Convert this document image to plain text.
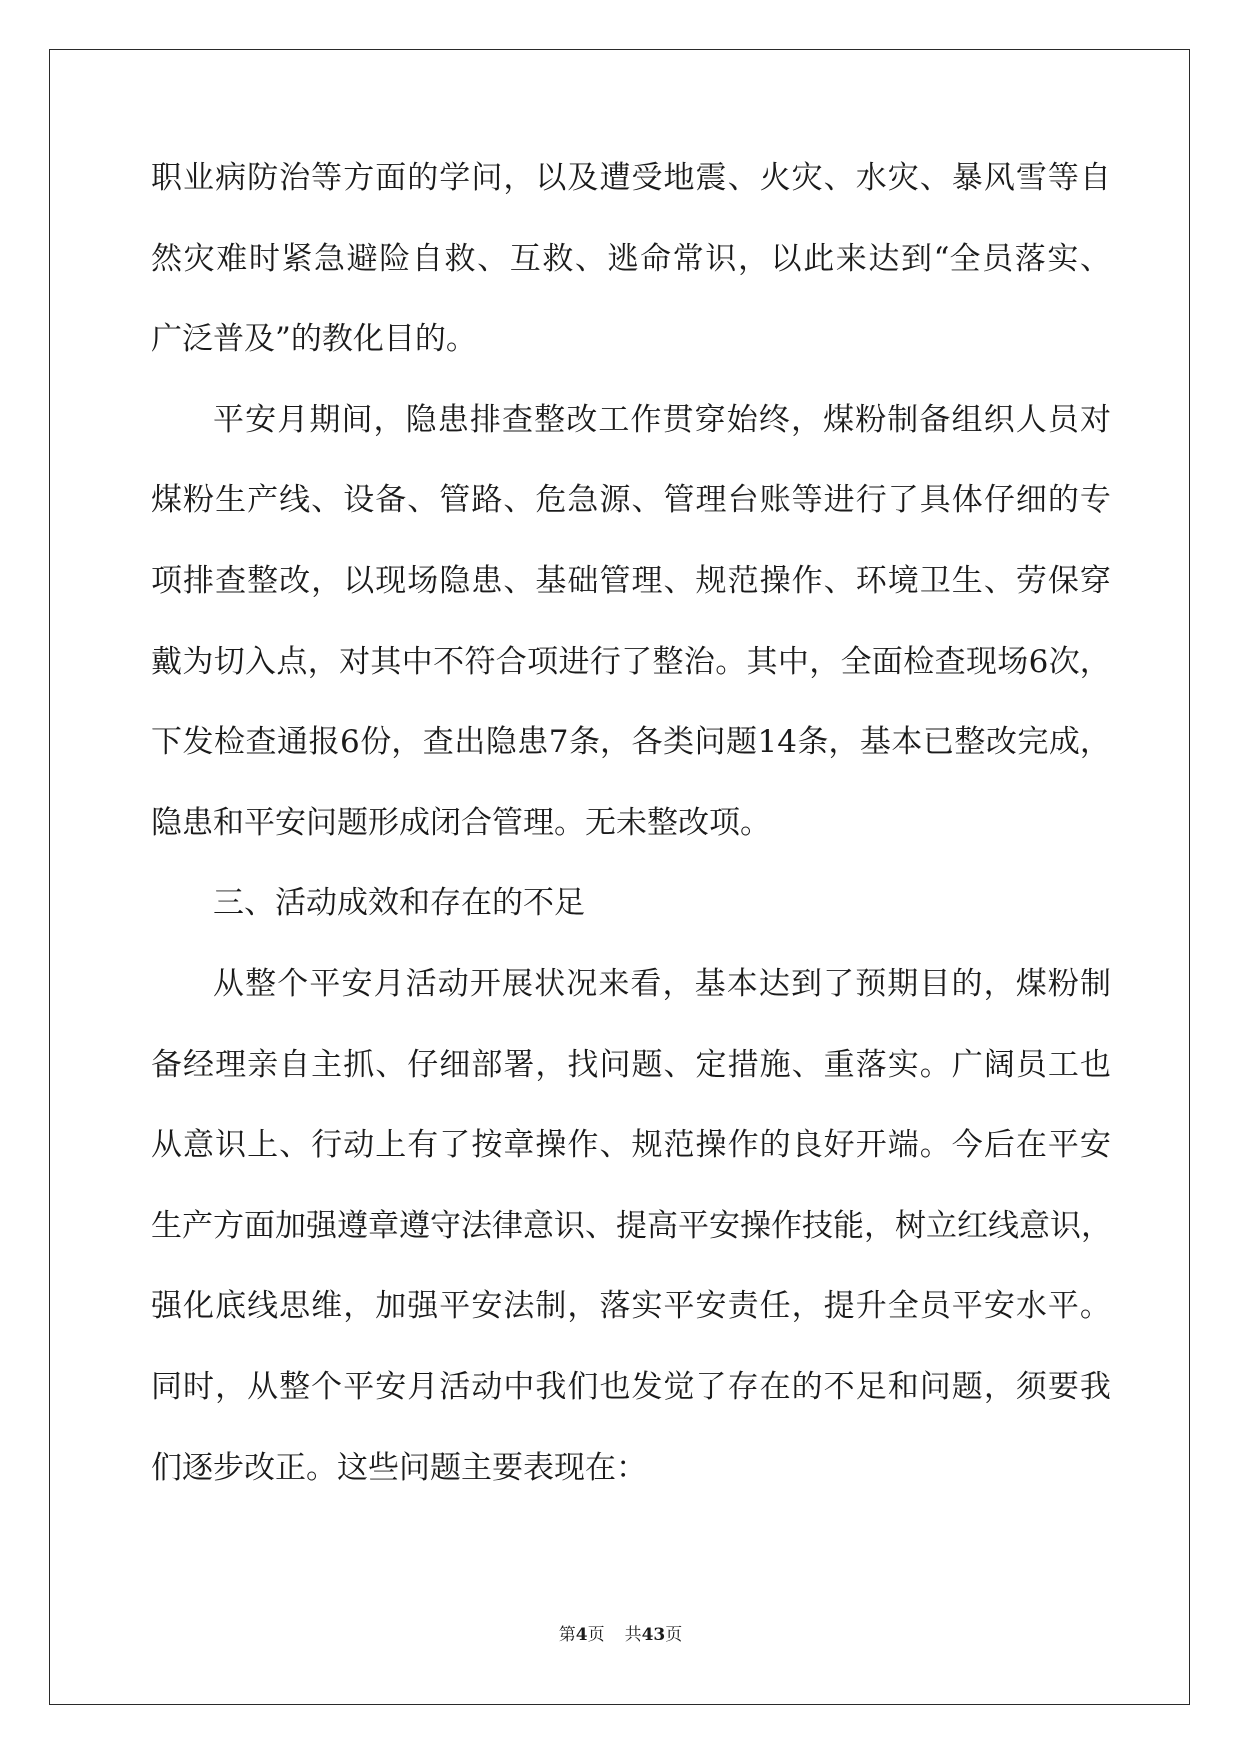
职 业 病 防 治 等 方 面 的 学 问 ， 以 及 遭 受 地 震 、 火 灾 、 水 灾 、 暴 风 雪 等 自
然 灾 难 时 紧 急 避 险 自 救 、 互 救 、 逃 命 常 识 ， 以 此 来 达 到 “全 员 落 实 、
广泛普及”的教化目的。
平 安 月 期 间 ， 隐 患 排 查 整 改 工 作 贯 穿 始 终 ， 煤 粉 制 备 组 织 人 员 对
煤 粉 生 产 线 、 设 备 、 管 路 、 危 急 源 、 管 理 台 账 等 进 行 了 具 体 仔 细 的 专
项 排 查 整 改 ， 以 现 场 隐 患 、 基 础 管 理 、 规 范 操 作 、 环 境 卫 生 、 劳 保 穿
戴 为 切 入 点 ， 对 其 中 不 符 合 项 进 行 了 整 治 。 其 中 ， 全 面 检 查 现 场 6 次，
下 发 检 查 通 报 6 份， 查 出 隐 患 7 条， 各 类 问 题 14 条， 基 本 已 整 改 完 成，
隐患和平安问题形成闭合管理。无未整改项。
三、活动成效和存在的不足
从 整 个 平 安 月 活 动 开 展 状 况 来 看 ， 基 本 达 到 了 预 期 目 的 ， 煤 粉 制
备 经 理 亲 自 主 抓 、 仔 细 部 署 ， 找 问 题 、 定 措 施 、 重 落 实 。 广 阔 员 工 也
从 意 识 上 、 行 动 上 有 了 按 章 操 作 、 规 范 操 作 的 良 好 开 端 。 今 后 在 平 安
生 产 方 面 加 强 遵 章 遵 守 法 律 意 识 、 提 高 平 安 操 作 技 能 ， 树 立 红 线 意 识，
强 化 底 线 思 维 ， 加 强 平 安 法 制 ， 落 实 平 安 责 任 ， 提 升 全 员 平 安 水 平 。
同 时 ， 从 整 个 平 安 月 活 动 中 我 们 也 发 觉 了 存 在 的 不 足 和 问 题 ， 须 要 我
们逐步改正。这些问题主要表现在：
第4页 共43页
